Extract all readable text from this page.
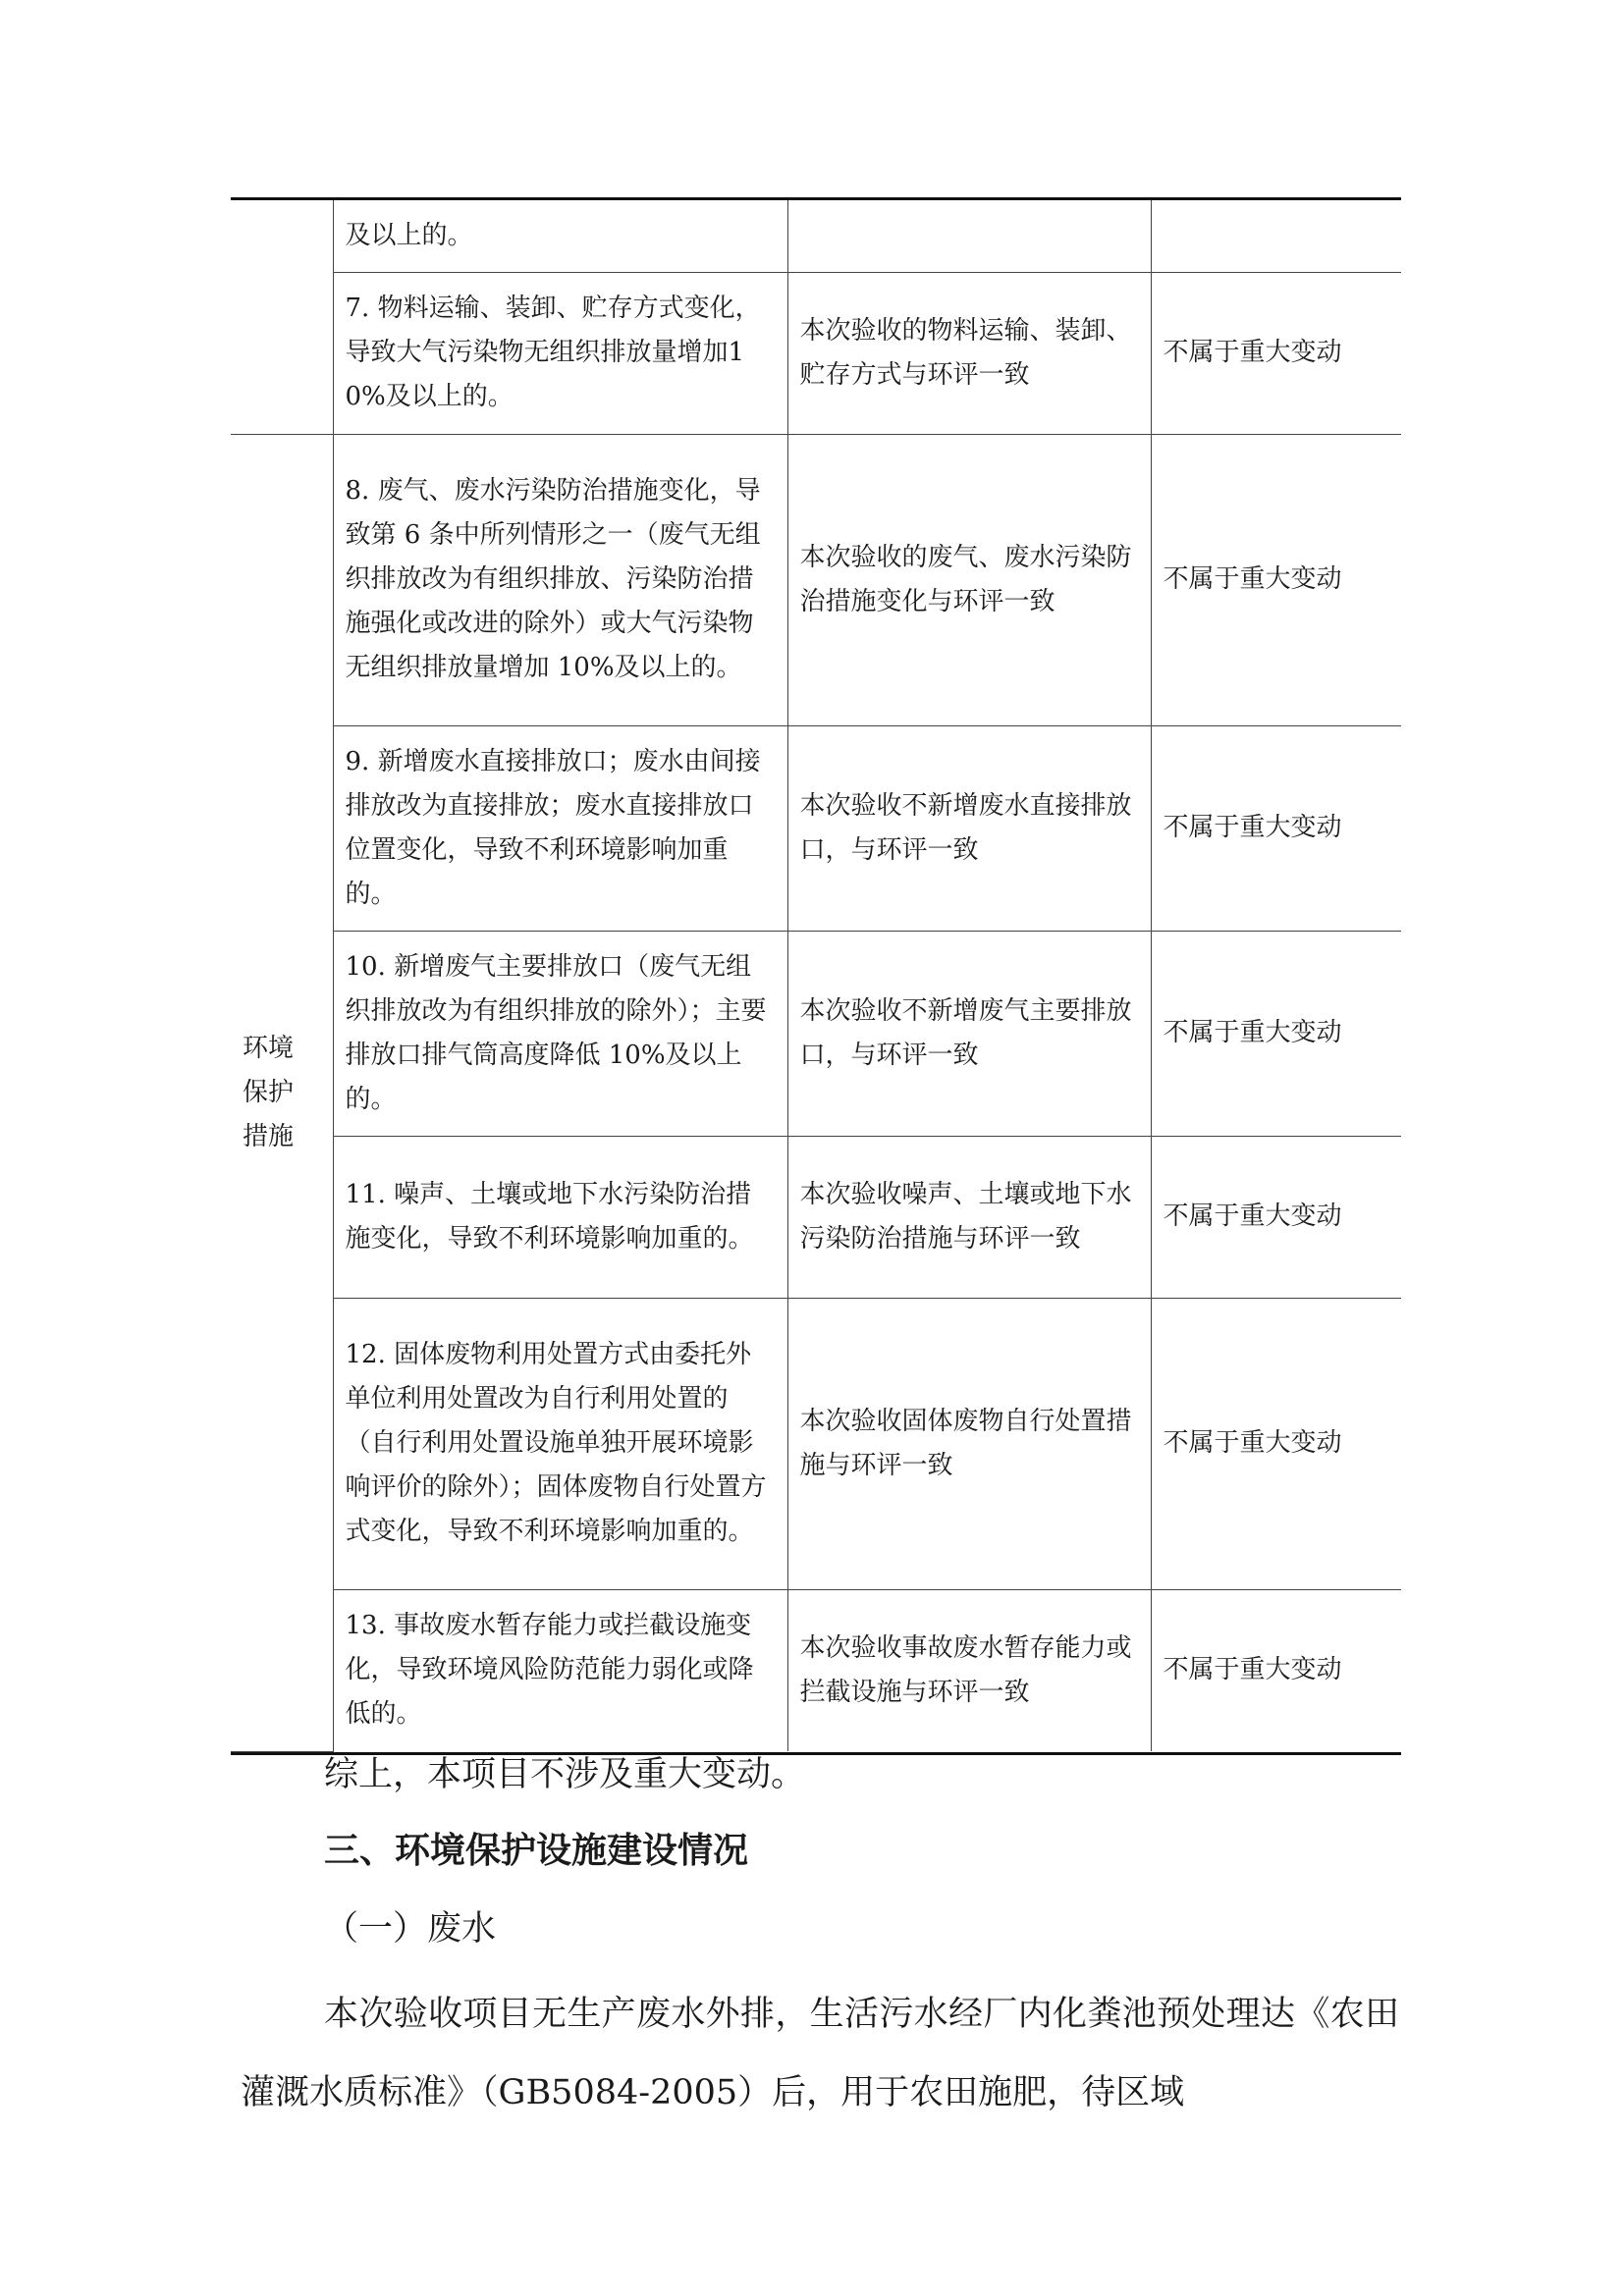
	及以上的。		

	7. 物料运输、装卸、贮存方式变化，导致大气污染物无组织排放量增加10%及以上的。	本次验收的物料运输、装卸、贮存方式与环评一致	不属于重大变动

环境
保护
措施	8. 废气、废水污染防治措施变化，导致第 6 条中所列情形之一（废气无组织排放改为有组织排放、污染防治措施强化或改进的除外）或大气污染物无组织排放量增加 10%及以上的。	本次验收的废气、废水污染防治措施变化与环评一致	不属于重大变动

	9. 新增废水直接排放口；废水由间接排放改为直接排放；废水直接排放口位置变化，导致不利环境影响加重的。	本次验收不新增废水直接排放口，与环评一致	不属于重大变动

	10. 新增废气主要排放口（废气无组织排放改为有组织排放的除外）；主要排放口排气筒高度降低 10%及以上的。	本次验收不新增废气主要排放口，与环评一致	不属于重大变动

	11. 噪声、土壤或地下水污染防治措施变化，导致不利环境影响加重的。	本次验收噪声、土壤或地下水污染防治措施与环评一致	不属于重大变动

	12. 固体废物利用处置方式由委托外单位利用处置改为自行利用处置的（自行利用处置设施单独开展环境影响评价的除外）；固体废物自行处置方式变化，导致不利环境影响加重的。	本次验收固体废物自行处置措施与环评一致	不属于重大变动

	13. 事故废水暂存能力或拦截设施变化，导致环境风险防范能力弱化或降低的。	本次验收事故废水暂存能力或拦截设施与环评一致	不属于重大变动
综上，本项目不涉及重大变动。
三、环境保护设施建设情况
（一）废水
本次验收项目无生产废水外排，生活污水经厂内化粪池预处理达《农田灌溉水质标准》（GB5084-2005）后，用于农田施肥，待区域
